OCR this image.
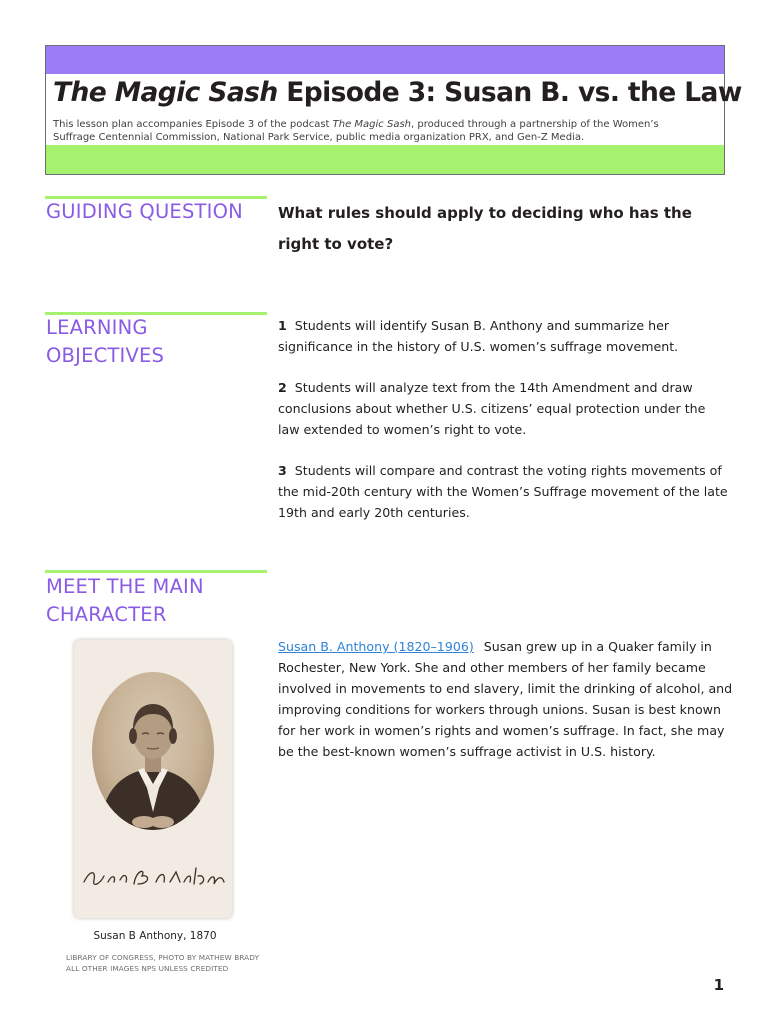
The Magic Sash Episode 3: Susan B. vs. the Law
This lesson plan accompanies Episode 3 of the podcast The Magic Sash, produced through a partnership of the Women’s Suffrage Centennial Commission, National Park Service, public media organization PRX, and Gen-Z Media.
GUIDING QUESTION What rules should apply to deciding who has the right to vote?
LEARNING
OBJECTIVES

1 Students will identify Susan B. Anthony and summarize her significance in the history of U.S. women’s suffrage movement.

2 Students will analyze text from the 14th Amendment and draw conclusions about whether U.S. citizens’ equal protection under the law extended to women’s right to vote.

3 Students will compare and contrast the voting rights movements of the mid-20th century with the Women’s Suffrage movement of the late 19th and early 20th centuries.

MEET THE MAIN
CHARACTER
Susan B. Anthony (1820–1906) Susan grew up in a Quaker family in Rochester, New York. She and other members of her family became involved in movements to end slavery, limit the drinking of alcohol, and improving conditions for workers through unions. Susan is best known for her work in women’s rights and women’s suffrage. In fact, she may be the best-known women’s suffrage activist in U.S. history.
Susan B Anthony, 1870
LIBRARY OF CONGRESS, PHOTO BY MATHEW BRADY
ALL OTHER IMAGES NPS UNLESS CREDITED
1
